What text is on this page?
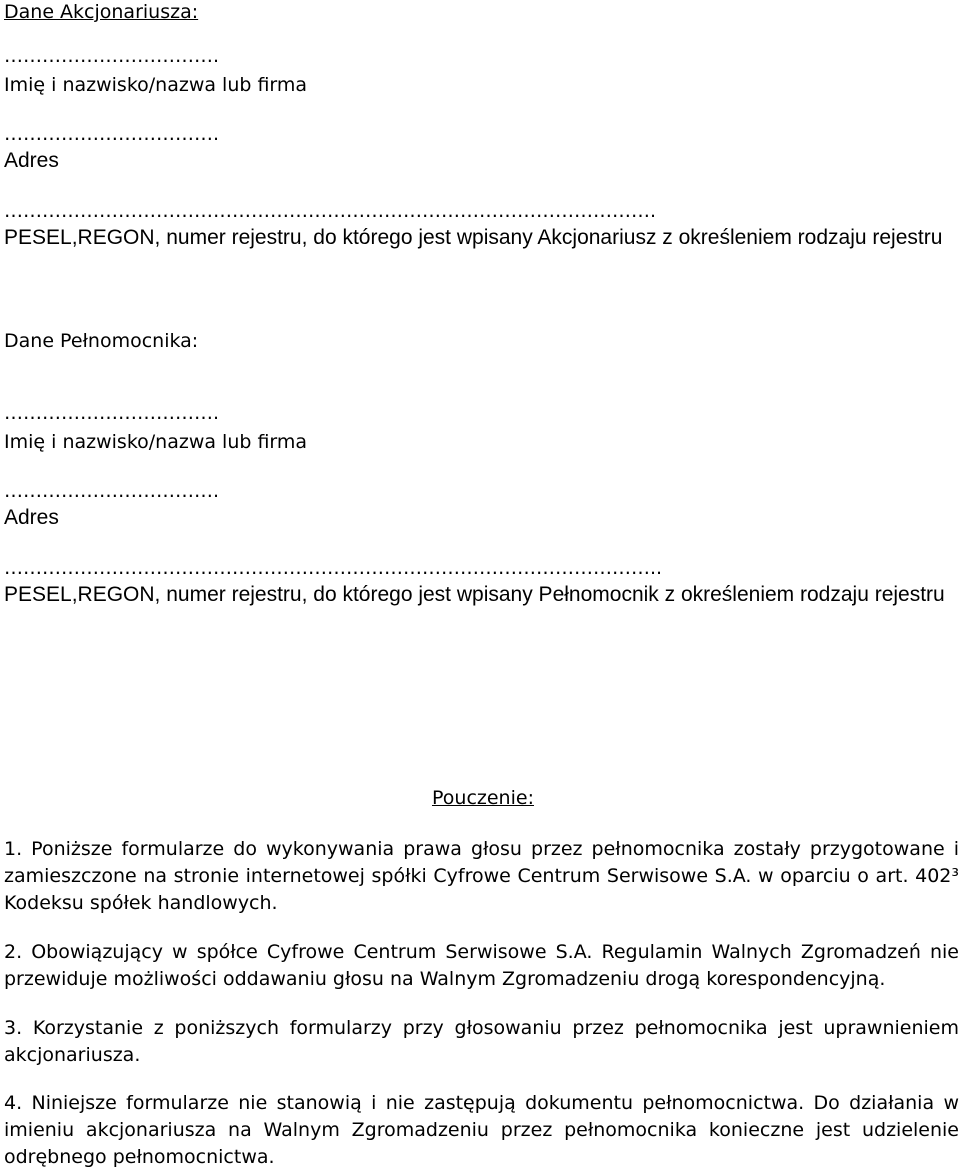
Dane Akcjonariusza:
…………………………….
Imię i nazwisko/nazwa lub firma
…………………………….
Adres
………………………………………………………………………………………….
PESEL,REGON, numer rejestru, do którego jest wpisany Akcjonariusz z określeniem rodzaju rejestru
Dane Pełnomocnika:
…………………………….
Imię i nazwisko/nazwa lub firma
…………………………….
Adres
…………………………………………………………………………………………..
PESEL,REGON, numer rejestru, do którego jest wpisany Pełnomocnik z określeniem rodzaju rejestru
Pouczenie:

1. Poniższe formularze do wykonywania prawa głosu przez pełnomocnika zostały przygotowane i zamieszczone na stronie internetowej spółki Cyfrowe Centrum Serwisowe S.A. w oparciu o art. 402³ Kodeksu spółek handlowych.

2. Obowiązujący w spółce Cyfrowe Centrum Serwisowe S.A. Regulamin Walnych Zgromadzeń nie przewiduje możliwości oddawaniu głosu na Walnym Zgromadzeniu drogą korespondencyjną.

3. Korzystanie z poniższych formularzy przy głosowaniu przez pełnomocnika jest uprawnieniem akcjonariusza.

4. Niniejsze formularze nie stanowią i nie zastępują dokumentu pełnomocnictwa. Do działania w imieniu akcjonariusza na Walnym Zgromadzeniu przez pełnomocnika konieczne jest udzielenie odrębnego pełnomocnictwa.
